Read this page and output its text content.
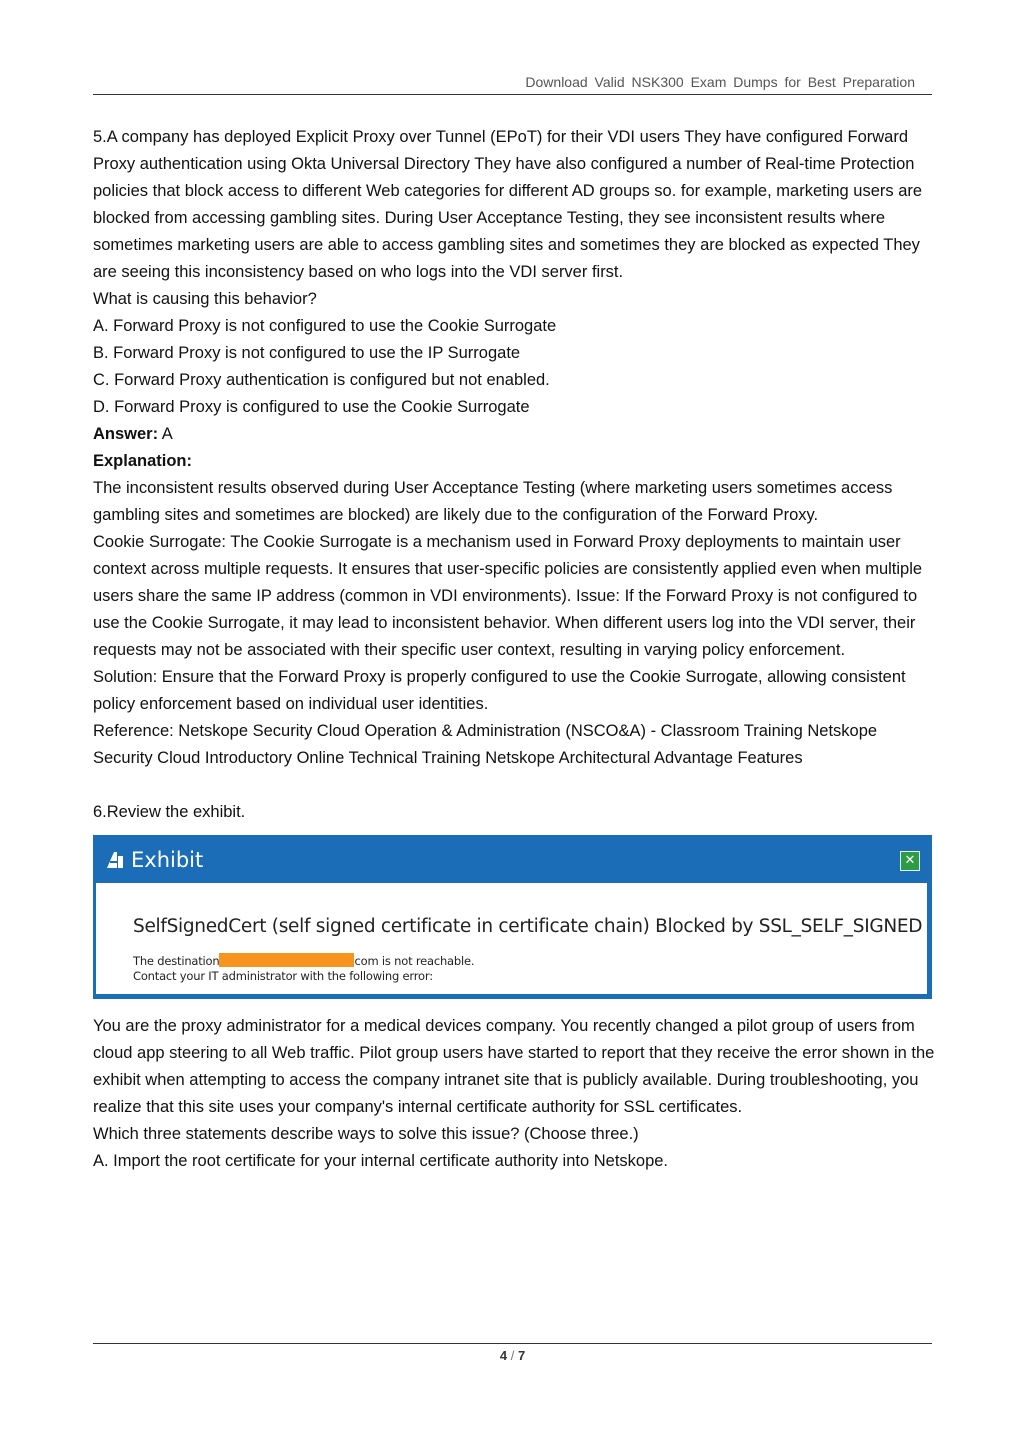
Download Valid NSK300 Exam Dumps for Best Preparation

5.A company has deployed Explicit Proxy over Tunnel (EPoT) for their VDI users They have configured Forward Proxy authentication using Okta Universal Directory They have also configured a number of Real-time Protection policies that block access to different Web categories for different AD groups so. for example, marketing users are blocked from accessing gambling sites. During User Acceptance Testing, they see inconsistent results where sometimes marketing users are able to access gambling sites and sometimes they are blocked as expected They are seeing this inconsistency based on who logs into the VDI server first.

What is causing this behavior?

A. Forward Proxy is not configured to use the Cookie Surrogate

B. Forward Proxy is not configured to use the IP Surrogate

C. Forward Proxy authentication is configured but not enabled.

D. Forward Proxy is configured to use the Cookie Surrogate

Answer: A

Explanation:

The inconsistent results observed during User Acceptance Testing (where marketing users sometimes access gambling sites and sometimes are blocked) are likely due to the configuration of the Forward Proxy.

Cookie Surrogate: The Cookie Surrogate is a mechanism used in Forward Proxy deployments to maintain user context across multiple requests. It ensures that user-specific policies are consistently applied even when multiple users share the same IP address (common in VDI environments). Issue: If the Forward Proxy is not configured to use the Cookie Surrogate, it may lead to inconsistent behavior. When different users log into the VDI server, their requests may not be associated with their specific user context, resulting in varying policy enforcement.

Solution: Ensure that the Forward Proxy is properly configured to use the Cookie Surrogate, allowing consistent policy enforcement based on individual user identities.

Reference: Netskope Security Cloud Operation & Administration (NSCO&A) - Classroom Training Netskope Security Cloud Introductory Online Technical Training Netskope Architectural Advantage Features

6.Review the exhibit.

Exhibit	✕
SelfSignedCert (self signed certificate in certificate chain) Blocked by SSL_SELF_SIGNED
The destination	com is not reachable.
Contact your IT administrator with the following error:

You are the proxy administrator for a medical devices company. You recently changed a pilot group of users from cloud app steering to all Web traffic. Pilot group users have started to report that they receive the error shown in the exhibit when attempting to access the company intranet site that is publicly available. During troubleshooting, you realize that this site uses your company's internal certificate authority for SSL certificates.

Which three statements describe ways to solve this issue? (Choose three.)

A. Import the root certificate for your internal certificate authority into Netskope.

4 / 7
